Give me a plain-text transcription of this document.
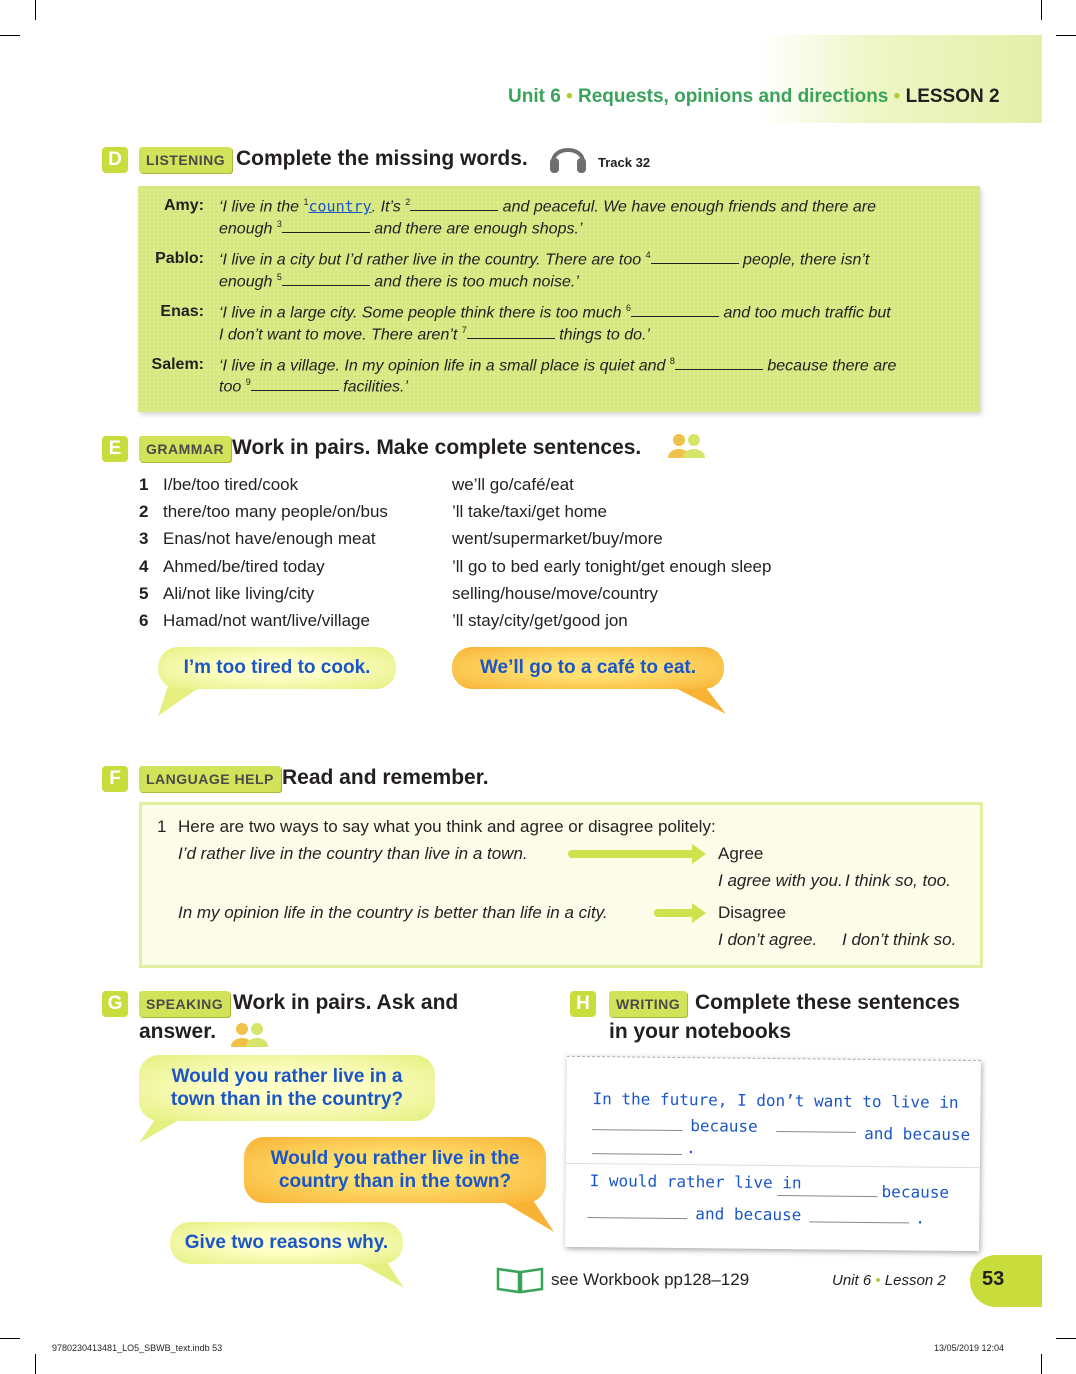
Unit 6 • Requests, opinions and directions • LESSON 2
D	LISTENING Complete the missing words.	Track 32
Amy: ‘I live in the $^1$country. It’s $^2$	and peaceful. We have enough friends and there are
enough $^3$	and there are enough shops.’
Pablo: ‘I live in a city but I’d rather live in the country. There are too $^4$	people, there isn’t
enough $^5$	and there is too much noise.’
Enas: ‘I live in a large city. Some people think there is too much $^6$	and too much traffic but
I don’t want to move. There aren’t $^7$	things to do.’
Salem: ‘I live in a village. In my opinion life in a small place is quiet and $^8$	because there are
too $^9$	facilities.’
E	GRAMMAR Work in pairs. Make complete sentences.
1 I/be/too tired/cook	we’ll go/café/eat
2 there/too many people/on/bus	’ll take/taxi/get home
3 Enas/not have/enough meat	went/supermarket/buy/more
4 Ahmed/be/tired today	’ll go to bed early tonight/get enough sleep
5 Ali/not like living/city	selling/house/move/country
6 Hamad/not want/live/village	’ll stay/city/get/good jon
I’m too tired to cook.	We’ll go to a café to eat.
F	LANGUAGE HELP Read and remember.
1 Here are two ways to say what you think and agree or disagree politely:
I’d rather live in the country than live in a town.	Agree
I agree with you. I think so, too.
In my opinion life in the country is better than life in a city.	Disagree
I don’t agree. I don’t think so.
G	SPEAKING Work in pairs. Ask and
answer.
Would you rather live in a
town than in the country?
Would you rather live in the
country than in the town?
Give two reasons why.
H	WRITING Complete these sentences
in your notebooks
In the future, I don’t want to live in
because	and because
.
I would rather live in	because
and because	.
see Workbook pp128–129	Unit 6 • Lesson 2 53
9780230413481_LO5_SBWB_text.indb 53	13/05/2019 12:04
